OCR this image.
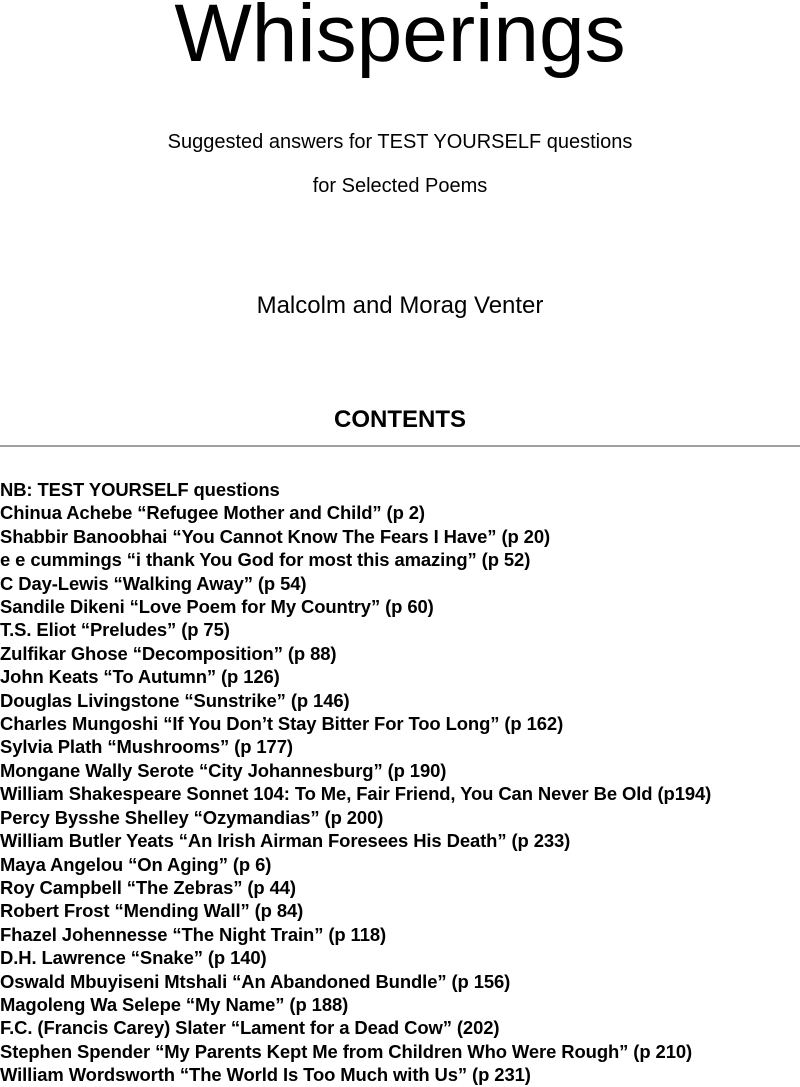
Whisperings
Suggested answers for TEST YOURSELF questions
for Selected Poems
Malcolm and Morag Venter
CONTENTS
NB: TEST YOURSELF questions
Chinua Achebe “Refugee Mother and Child” (p 2)
Shabbir Banoobhai “You Cannot Know The Fears I Have” (p 20)
e e cummings “i thank You God for most this amazing” (p 52)
C Day-Lewis “Walking Away” (p 54)
Sandile Dikeni “Love Poem for My Country” (p 60)
T.S. Eliot “Preludes” (p 75)
Zulfikar Ghose “Decomposition” (p 88)
John Keats “To Autumn” (p 126)
Douglas Livingstone “Sunstrike” (p 146)
Charles Mungoshi “If You Don’t Stay Bitter For Too Long” (p 162)
Sylvia Plath “Mushrooms” (p 177)
Mongane Wally Serote “City Johannesburg” (p 190)
William Shakespeare Sonnet 104: To Me, Fair Friend, You Can Never Be Old (p194)
Percy Bysshe Shelley “Ozymandias” (p 200)
William Butler Yeats “An Irish Airman Foresees His Death” (p 233)
Maya Angelou “On Aging” (p 6)
Roy Campbell “The Zebras” (p 44)
Robert Frost “Mending Wall” (p 84)
Fhazel Johennesse “The Night Train” (p 118)
D.H. Lawrence “Snake” (p 140)
Oswald Mbuyiseni Mtshali “An Abandoned Bundle” (p 156)
Magoleng Wa Selepe “My Name” (p 188)
F.C. (Francis Carey) Slater “Lament for a Dead Cow” (202)
Stephen Spender “My Parents Kept Me from Children Who Were Rough” (p 210)
William Wordsworth “The World Is Too Much with Us” (p 231)
